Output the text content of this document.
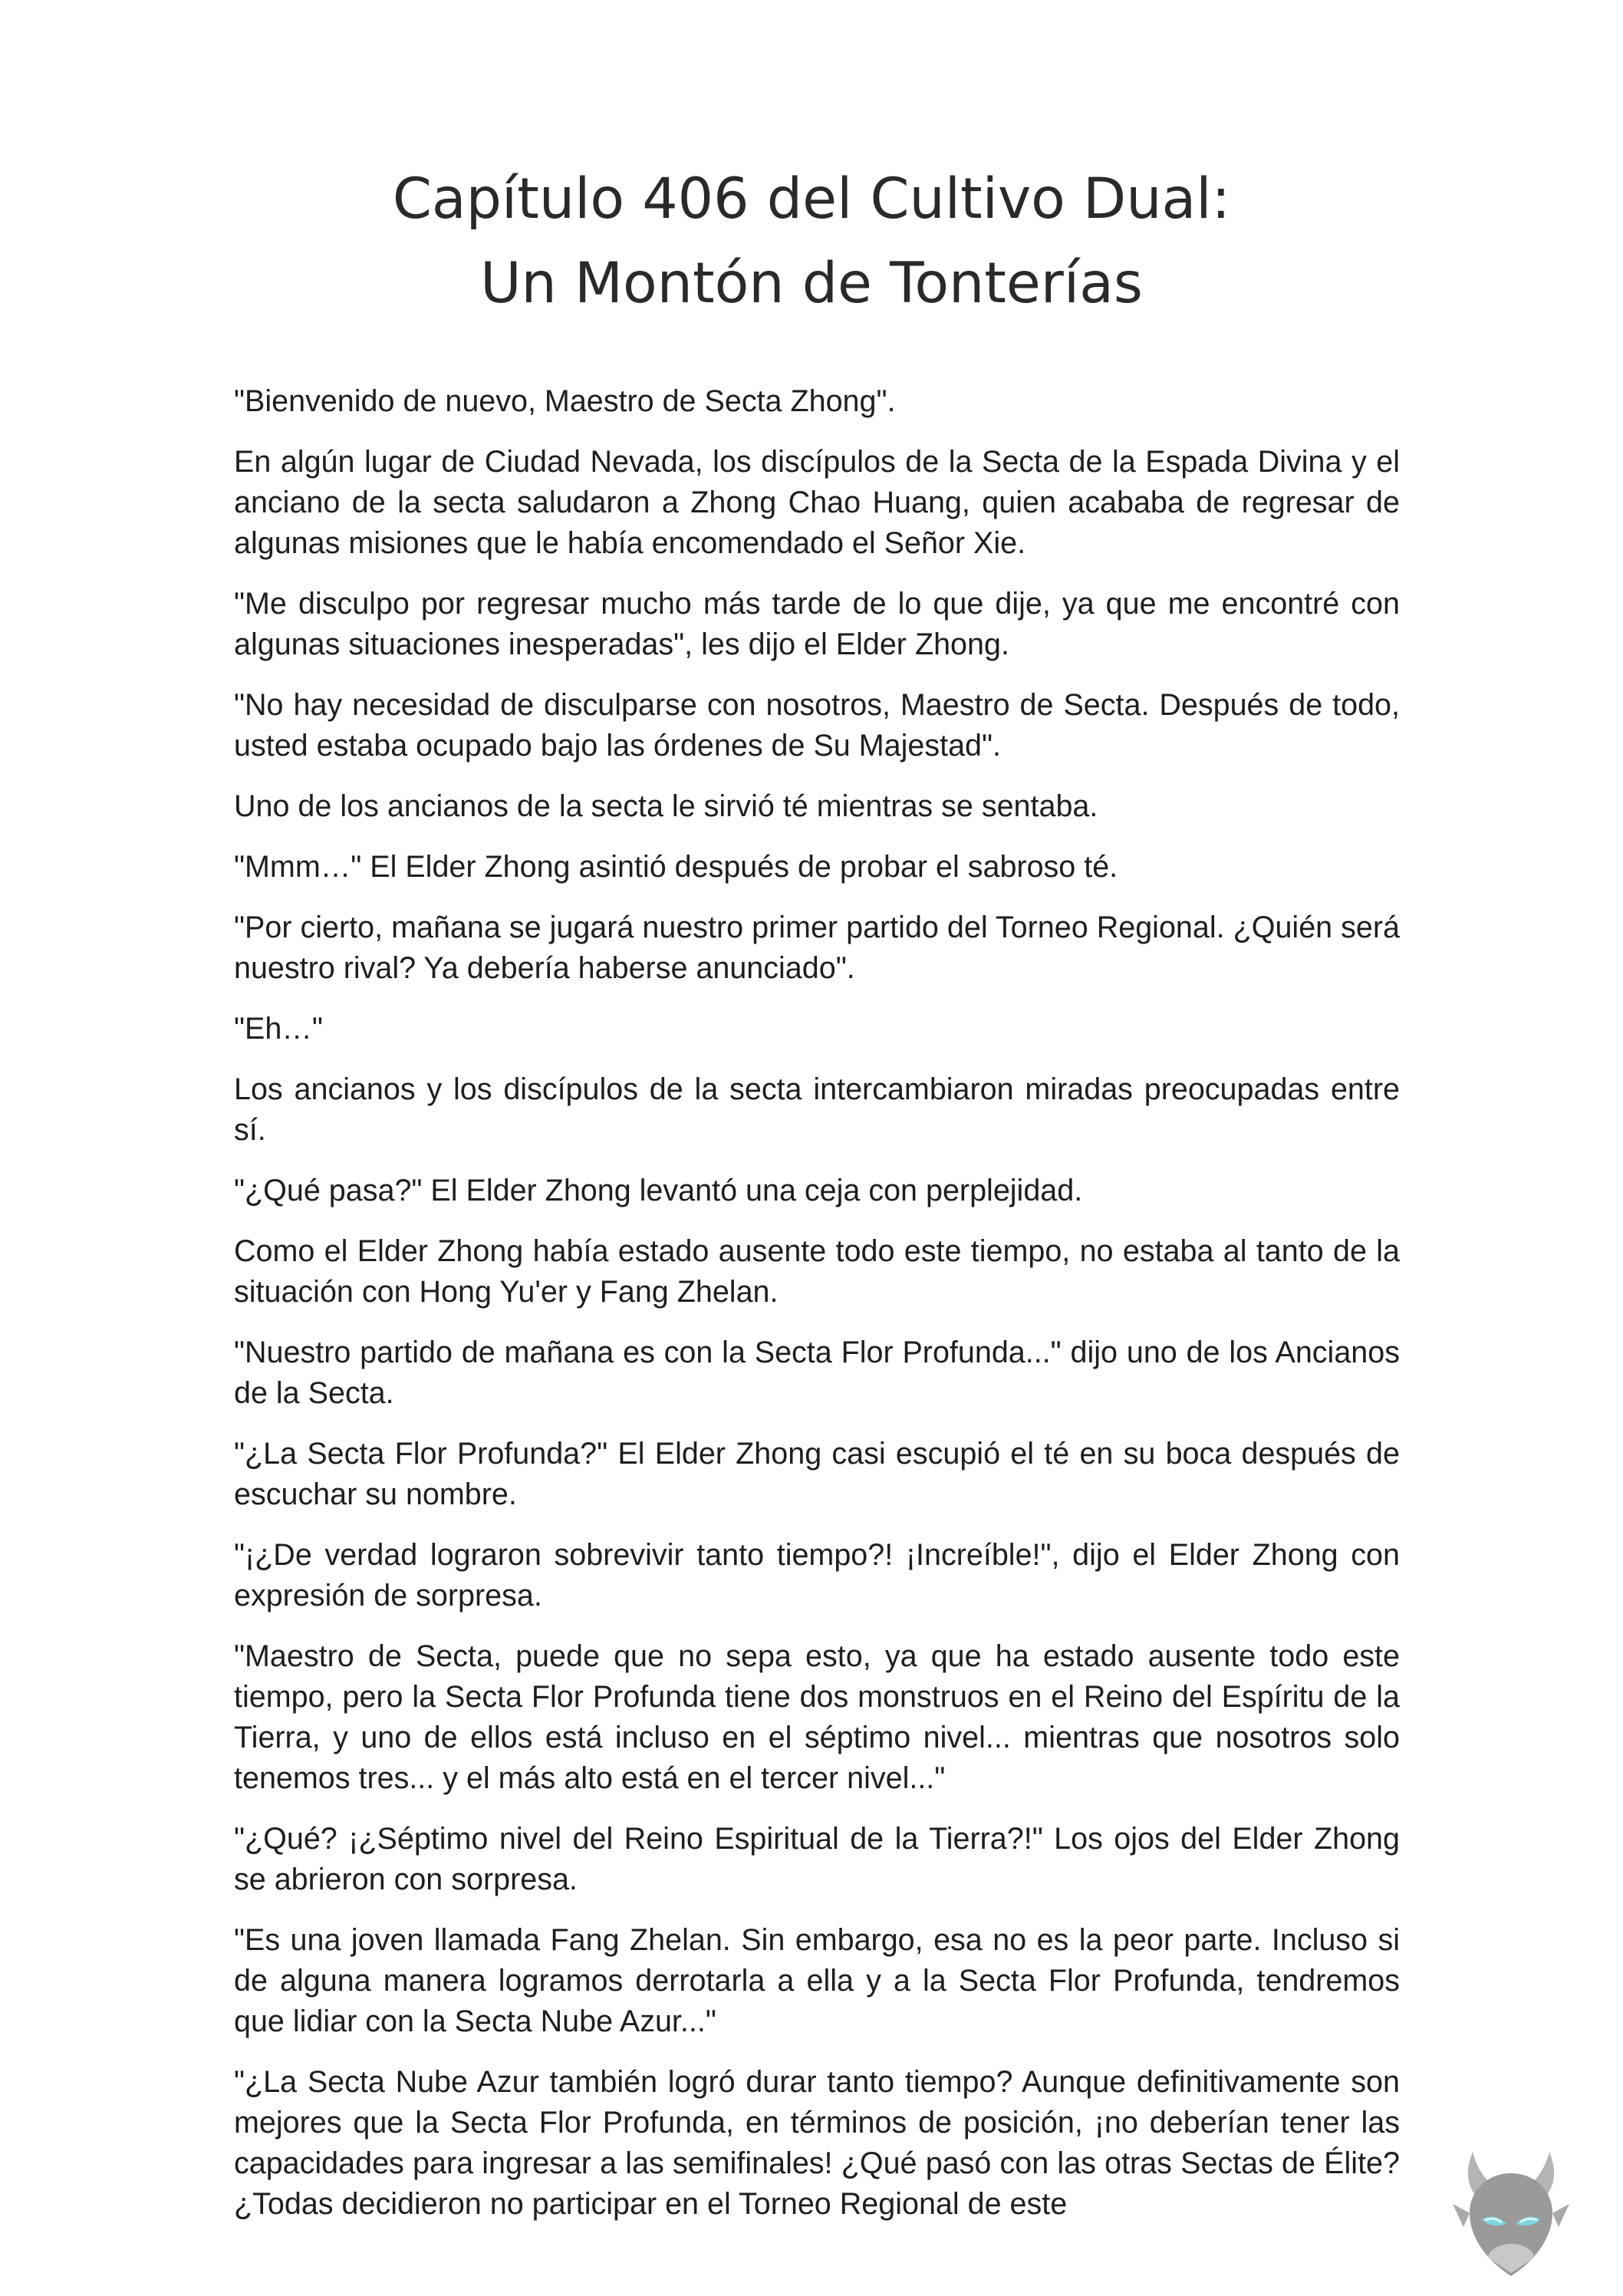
Capítulo 406 del Cultivo Dual:
Un Montón de Tonterías

"Bienvenido de nuevo, Maestro de Secta Zhong".

En algún lugar de Ciudad Nevada, los discípulos de la Secta de la Espada Divina y el anciano de la secta saludaron a Zhong Chao Huang, quien acababa de regresar de algunas misiones que le había encomendado el Señor Xie.

"Me disculpo por regresar mucho más tarde de lo que dije, ya que me encontré con algunas situaciones inesperadas", les dijo el Elder Zhong.

"No hay necesidad de disculparse con nosotros, Maestro de Secta. Después de todo, usted estaba ocupado bajo las órdenes de Su Majestad".

Uno de los ancianos de la secta le sirvió té mientras se sentaba.

"Mmm…" El Elder Zhong asintió después de probar el sabroso té.

"Por cierto, mañana se jugará nuestro primer partido del Torneo Regional. ¿Quién será nuestro rival? Ya debería haberse anunciado".

"Eh…"

Los ancianos y los discípulos de la secta intercambiaron miradas preocupadas entre sí.

"¿Qué pasa?" El Elder Zhong levantó una ceja con perplejidad.

Como el Elder Zhong había estado ausente todo este tiempo, no estaba al tanto de la situación con Hong Yu'er y Fang Zhelan.

"Nuestro partido de mañana es con la Secta Flor Profunda..." dijo uno de los Ancianos de la Secta.

"¿La Secta Flor Profunda?" El Elder Zhong casi escupió el té en su boca después de escuchar su nombre.

"¡¿De verdad lograron sobrevivir tanto tiempo?! ¡Increíble!", dijo el Elder Zhong con expresión de sorpresa.

"Maestro de Secta, puede que no sepa esto, ya que ha estado ausente todo este tiempo, pero la Secta Flor Profunda tiene dos monstruos en el Reino del Espíritu de la Tierra, y uno de ellos está incluso en el séptimo nivel... mientras que nosotros solo tenemos tres... y el más alto está en el tercer nivel..."

"¿Qué? ¡¿Séptimo nivel del Reino Espiritual de la Tierra?!" Los ojos del Elder Zhong se abrieron con sorpresa.

"Es una joven llamada Fang Zhelan. Sin embargo, esa no es la peor parte. Incluso si de alguna manera logramos derrotarla a ella y a la Secta Flor Profunda, tendremos que lidiar con la Secta Nube Azur..."

"¿La Secta Nube Azur también logró durar tanto tiempo? Aunque definitivamente son mejores que la Secta Flor Profunda, en términos de posición, ¡no deberían tener las capacidades para ingresar a las semifinales! ¿Qué pasó con las otras Sectas de Élite? ¿Todas decidieron no participar en el Torneo Regional de este
